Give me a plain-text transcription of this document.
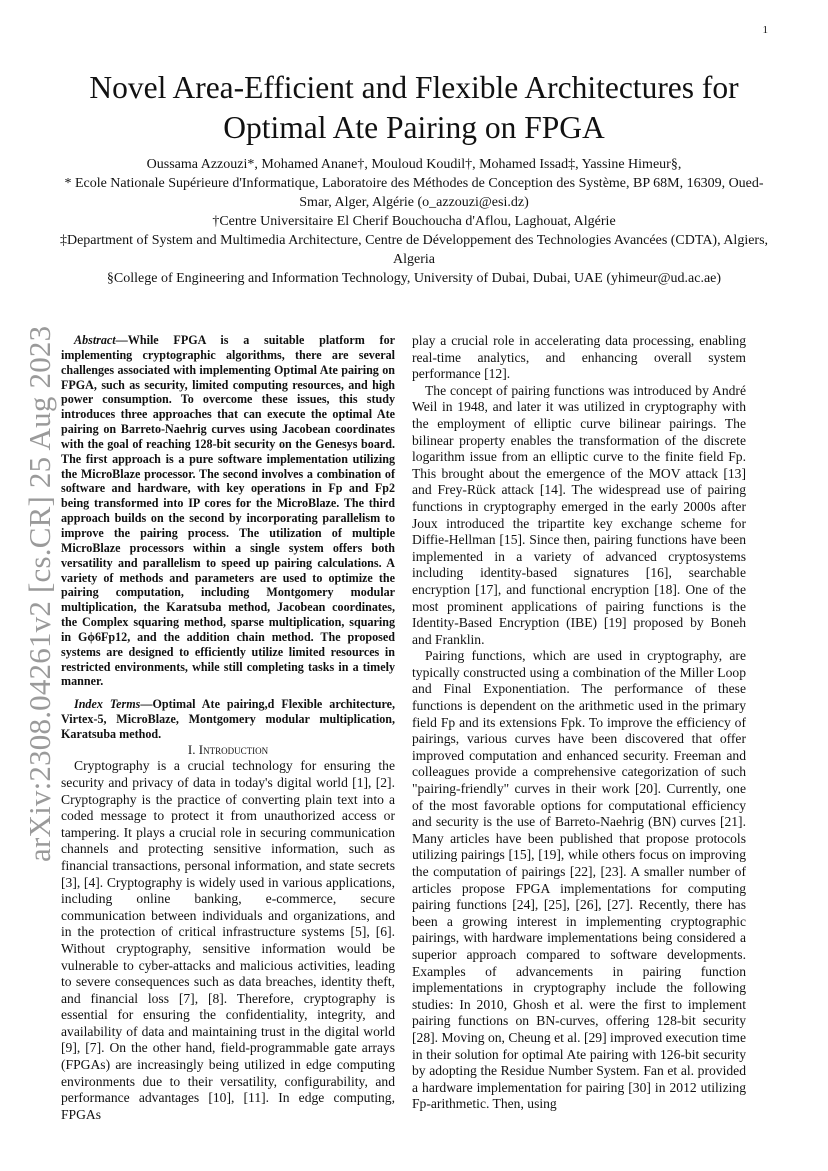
1
arXiv:2308.04261v2 [cs.CR] 25 Aug 2023
Novel Area-Efficient and Flexible Architectures for Optimal Ate Pairing on FPGA

Oussama Azzouzi*, Mohamed Anane†, Mouloud Koudil†, Mohamed Issad‡, Yassine Himeur§,

* Ecole Nationale Supérieure d'Informatique, Laboratoire des Méthodes de Conception des Système, BP 68M, 16309, Oued-Smar, Alger, Algérie (o_azzouzi@esi.dz)

†Centre Universitaire El Cherif Bouchoucha d'Aflou, Laghouat, Algérie

‡Department of System and Multimedia Architecture, Centre de Développement des Technologies Avancées (CDTA), Algiers, Algeria

§College of Engineering and Information Technology, University of Dubai, Dubai, UAE (yhimeur@ud.ac.ae)

Abstract—While FPGA is a suitable platform for implementing cryptographic algorithms, there are several challenges associated with implementing Optimal Ate pairing on FPGA, such as security, limited computing resources, and high power consumption. To overcome these issues, this study introduces three approaches that can execute the optimal Ate pairing on Barreto-Naehrig curves using Jacobean coordinates with the goal of reaching 128-bit security on the Genesys board. The first approach is a pure software implementation utilizing the MicroBlaze processor. The second involves a combination of software and hardware, with key operations in Fp and Fp2 being transformed into IP cores for the MicroBlaze. The third approach builds on the second by incorporating parallelism to improve the pairing process. The utilization of multiple MicroBlaze processors within a single system offers both versatility and parallelism to speed up pairing calculations. A variety of methods and parameters are used to optimize the pairing computation, including Montgomery modular multiplication, the Karatsuba method, Jacobean coordinates, the Complex squaring method, sparse multiplication, squaring in Gϕ6Fp12, and the addition chain method. The proposed systems are designed to efficiently utilize limited resources in restricted environments, while still completing tasks in a timely manner.

Index Terms—Optimal Ate pairing,d Flexible architecture, Virtex-5, MicroBlaze, Montgomery modular multiplication, Karatsuba method.

I. Introduction

Cryptography is a crucial technology for ensuring the security and privacy of data in today's digital world [1], [2]. Cryptography is the practice of converting plain text into a coded message to protect it from unauthorized access or tampering. It plays a crucial role in securing communication channels and protecting sensitive information, such as financial transactions, personal information, and state secrets [3], [4]. Cryptography is widely used in various applications, including online banking, e-commerce, secure communication between individuals and organizations, and in the protection of critical infrastructure systems [5], [6]. Without cryptography, sensitive information would be vulnerable to cyber-attacks and malicious activities, leading to severe consequences such as data breaches, identity theft, and financial loss [7], [8]. Therefore, cryptography is essential for ensuring the confidentiality, integrity, and availability of data and maintaining trust in the digital world [9], [7]. On the other hand, field-programmable gate arrays (FPGAs) are increasingly being utilized in edge computing environments due to their versatility, configurability, and performance advantages [10], [11]. In edge computing, FPGAs

play a crucial role in accelerating data processing, enabling real-time analytics, and enhancing overall system performance [12].

The concept of pairing functions was introduced by André Weil in 1948, and later it was utilized in cryptography with the employment of elliptic curve bilinear pairings. The bilinear property enables the transformation of the discrete logarithm issue from an elliptic curve to the finite field Fp. This brought about the emergence of the MOV attack [13] and Frey-Rück attack [14]. The widespread use of pairing functions in cryptography emerged in the early 2000s after Joux introduced the tripartite key exchange scheme for Diffie-Hellman [15]. Since then, pairing functions have been implemented in a variety of advanced cryptosystems including identity-based signatures [16], searchable encryption [17], and functional encryption [18]. One of the most prominent applications of pairing functions is the Identity-Based Encryption (IBE) [19] proposed by Boneh and Franklin.

Pairing functions, which are used in cryptography, are typically constructed using a combination of the Miller Loop and Final Exponentiation. The performance of these functions is dependent on the arithmetic used in the primary field Fp and its extensions Fpk. To improve the efficiency of pairings, various curves have been discovered that offer improved computation and enhanced security. Freeman and colleagues provide a comprehensive categorization of such "pairing-friendly" curves in their work [20]. Currently, one of the most favorable options for computational efficiency and security is the use of Barreto-Naehrig (BN) curves [21]. Many articles have been published that propose protocols utilizing pairings [15], [19], while others focus on improving the computation of pairings [22], [23]. A smaller number of articles propose FPGA implementations for computing pairing functions [24], [25], [26], [27]. Recently, there has been a growing interest in implementing cryptographic pairings, with hardware implementations being considered a superior approach compared to software developments. Examples of advancements in pairing function implementations in cryptography include the following studies: In 2010, Ghosh et al. were the first to implement pairing functions on BN-curves, offering 128-bit security [28]. Moving on, Cheung et al. [29] improved execution time in their solution for optimal Ate pairing with 126-bit security by adopting the Residue Number System. Fan et al. provided a hardware implementation for pairing [30] in 2012 utilizing Fp-arithmetic. Then, using
